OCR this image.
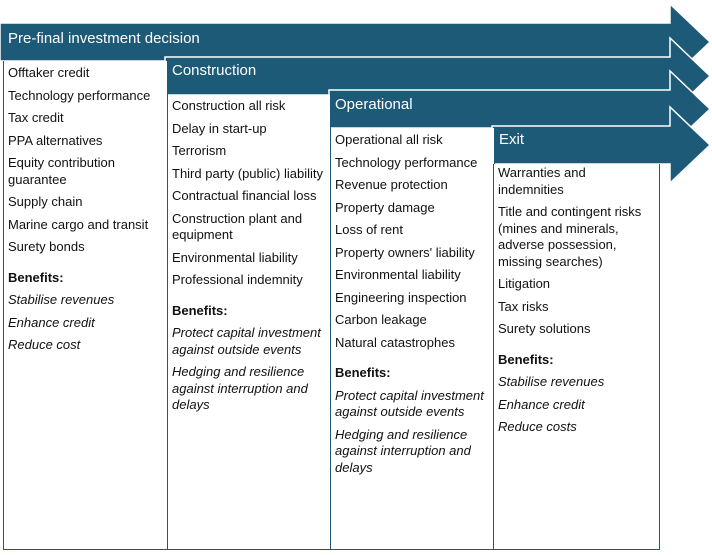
Pre-final investment decision
Construction
Operational
Exit
Offtaker credit
Technology performance
Tax credit
PPA alternatives
Equity contribution guarantee
Supply chain
Marine cargo and transit
Surety bonds
Benefits:
Stabilise revenues
Enhance credit
Reduce cost
Construction all risk
Delay in start-up
Terrorism
Third party (public) liability
Contractual financial loss
Construction plant and equipment
Environmental liability
Professional indemnity
Benefits:
Protect capital investment against outside events
Hedging and resilience against interruption and delays
Operational all risk
Technology performance
Revenue protection
Property damage
Loss of rent
Property owners' liability
Environmental liability
Engineering inspection
Carbon leakage
Natural catastrophes
Benefits:
Protect capital investment against outside events
Hedging and resilience against interruption and delays
Warranties and indemnities
Title and contingent risks (mines and minerals, adverse possession, missing searches)
Litigation
Tax risks
Surety solutions
Benefits:
Stabilise revenues
Enhance credit
Reduce costs
